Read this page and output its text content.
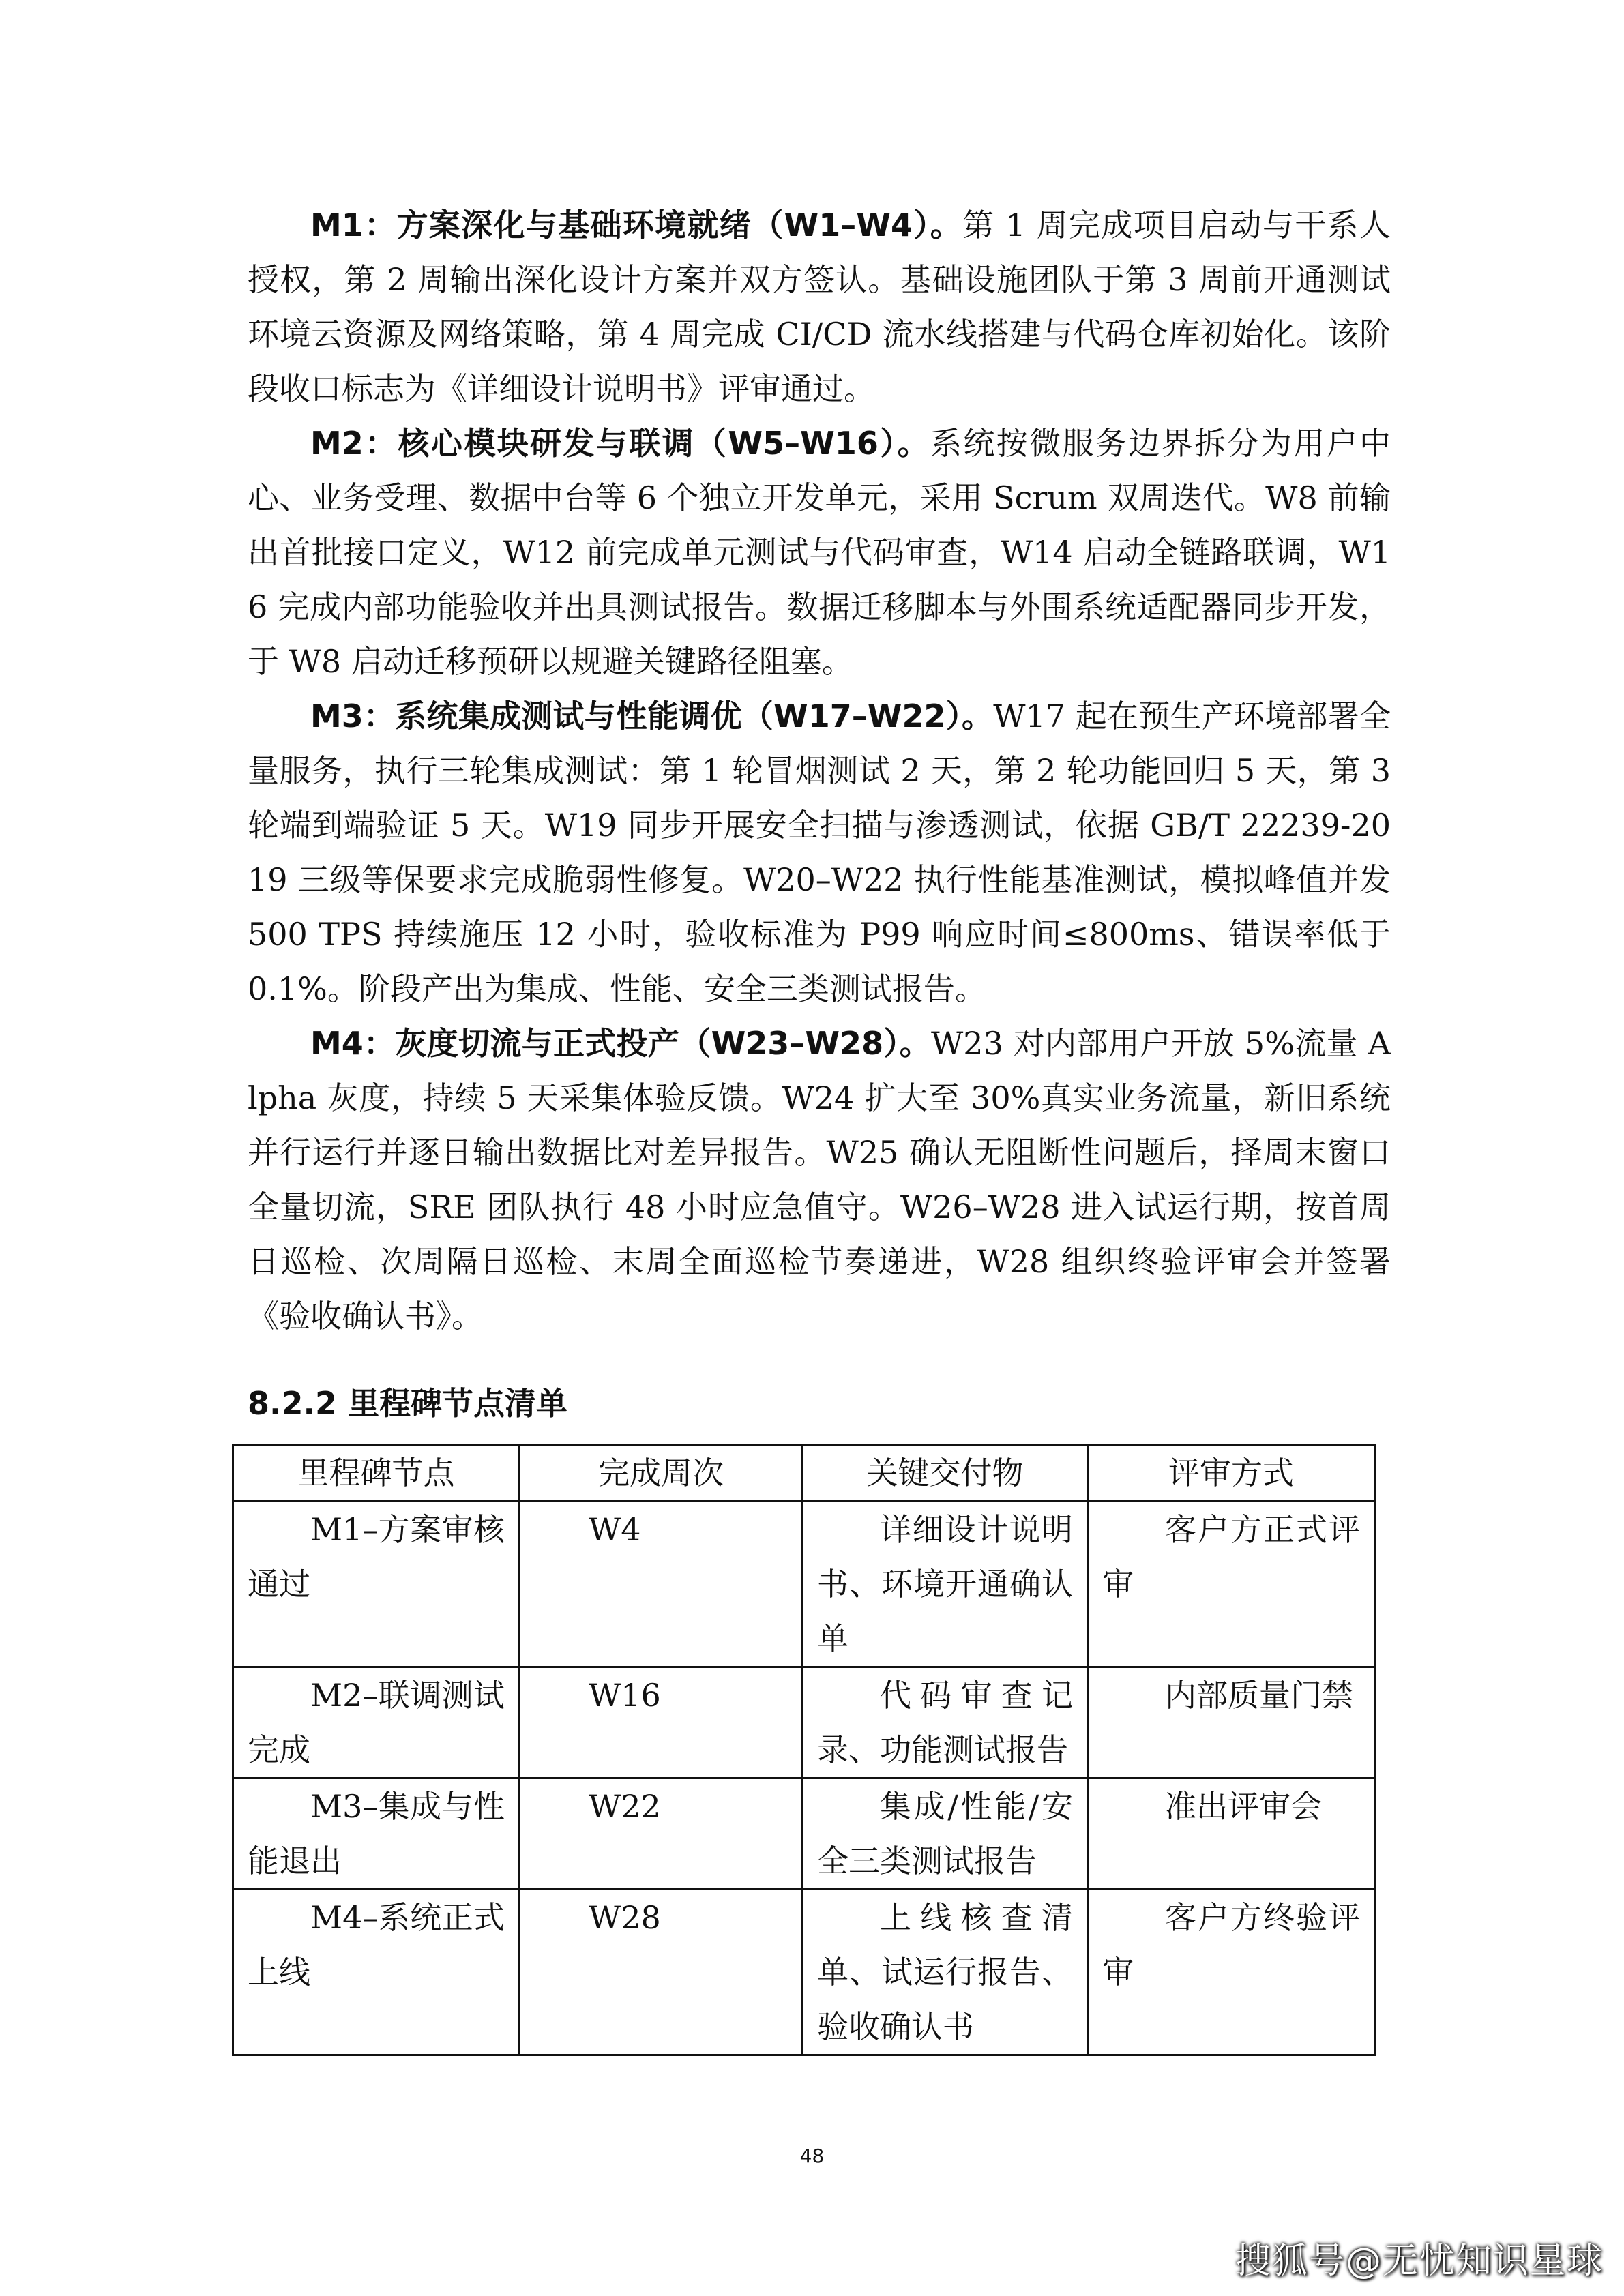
M1：方案深化与基础环境就绪（W1–W4）。第 1 周完成项目启动与干系人授权，第 2 周输出深化设计方案并双方签认。基础设施团队于第 3 周前开通测试环境云资源及网络策略，第 4 周完成 CI/CD 流水线搭建与代码仓库初始化。该阶段收口标志为《详细设计说明书》评审通过。

M2：核心模块研发与联调（W5–W16）。系统按微服务边界拆分为用户中心、业务受理、数据中台等 6 个独立开发单元，采用 Scrum 双周迭代。W8 前输出首批接口定义，W12 前完成单元测试与代码审查，W14 启动全链路联调，W16 完成内部功能验收并出具测试报告。数据迁移脚本与外围系统适配器同步开发，于 W8 启动迁移预研以规避关键路径阻塞。

M3：系统集成测试与性能调优（W17–W22）。W17 起在预生产环境部署全量服务，执行三轮集成测试：第 1 轮冒烟测试 2 天，第 2 轮功能回归 5 天，第 3 轮端到端验证 5 天。W19 同步开展安全扫描与渗透测试，依据 GB/T 22239-2019 三级等保要求完成脆弱性修复。W20–W22 执行性能基准测试，模拟峰值并发 500 TPS 持续施压 12 小时，验收标准为 P99 响应时间≤800ms、错误率低于 0.1%。阶段产出为集成、性能、安全三类测试报告。

M4：灰度切流与正式投产（W23–W28）。W23 对内部用户开放 5%流量 Alpha 灰度，持续 5 天采集体验反馈。W24 扩大至 30%真实业务流量，新旧系统并行运行并逐日输出数据比对差异报告。W25 确认无阻断性问题后，择周末窗口全量切流，SRE 团队执行 48 小时应急值守。W26–W28 进入试运行期，按首周日巡检、次周隔日巡检、末周全面巡检节奏递进，W28 组织终验评审会并签署《验收确认书》。

8.2.2 里程碑节点清单
里程碑节点	完成周次	关键交付物	评审方式
M1–方案审核通过	W4	详细设计说明书、环境开通确认单	客户方正式评审
M2–联调测试完成	W16	代码审查记录、功能测试报告	内部质量门禁
M3–集成与性能退出	W22	集成/性能/安全三类测试报告	准出评审会
M4–系统正式上线	W28	上线核查清单、试运行报告、验收确认书	客户方终验评审
48
搜狐号@无忧知识星球
